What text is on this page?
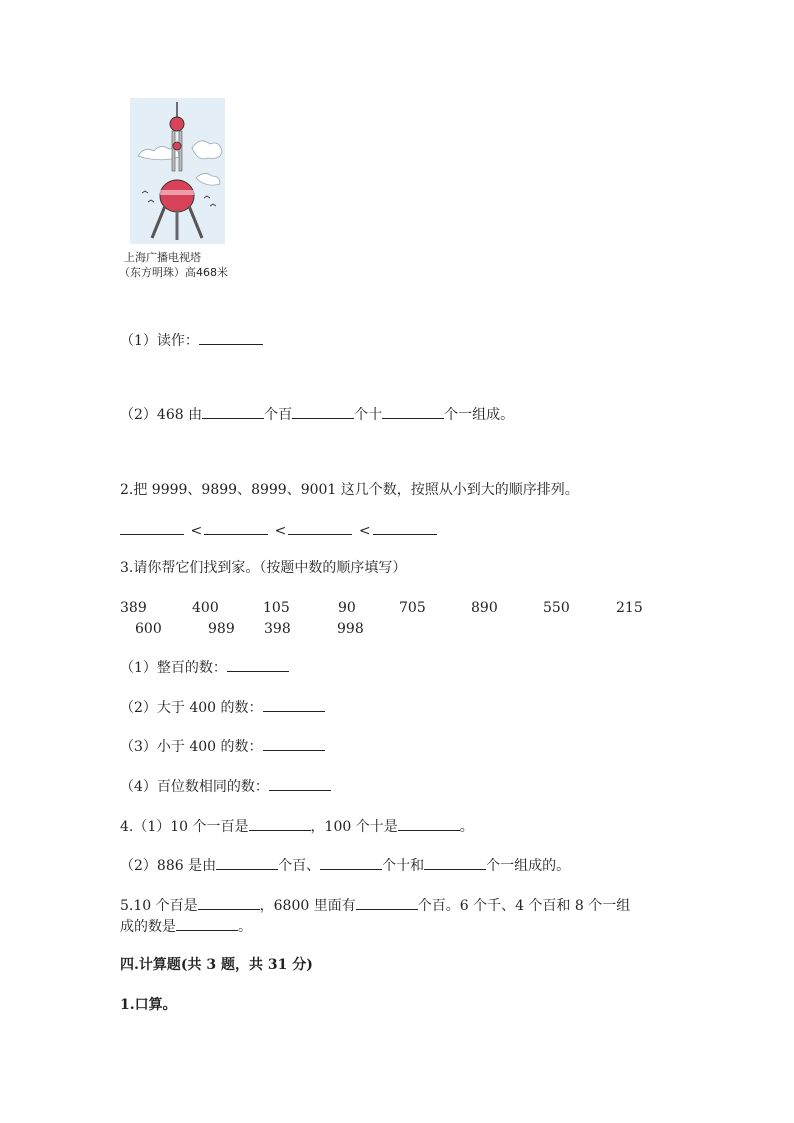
上海广播电视塔
（东方明珠）高468米
（1）读作：
（2）468 由	个百	个十	个一组成。
2.把 9999、9899、8999、9001 这几个数，按照从小到大的顺序排列。
<	<	<
3.请你帮它们找到家。（按题中数的顺序填写）
389	400	105	90	705	890	550	215
600	989 398	998
（1）整百的数：
（2）大于 400 的数：
（3）小于 400 的数：
（4）百位数相同的数：
4.（1）10 个一百是	，100 个十是	。
（2）886 是由	个百、	个十和	个一组成的。
5.10 个百是	，6800 里面有	个百。6 个千、4 个百和 8 个一组
成的数是	。
四.计算题(共 3 题，共 31 分)
1.口算。
